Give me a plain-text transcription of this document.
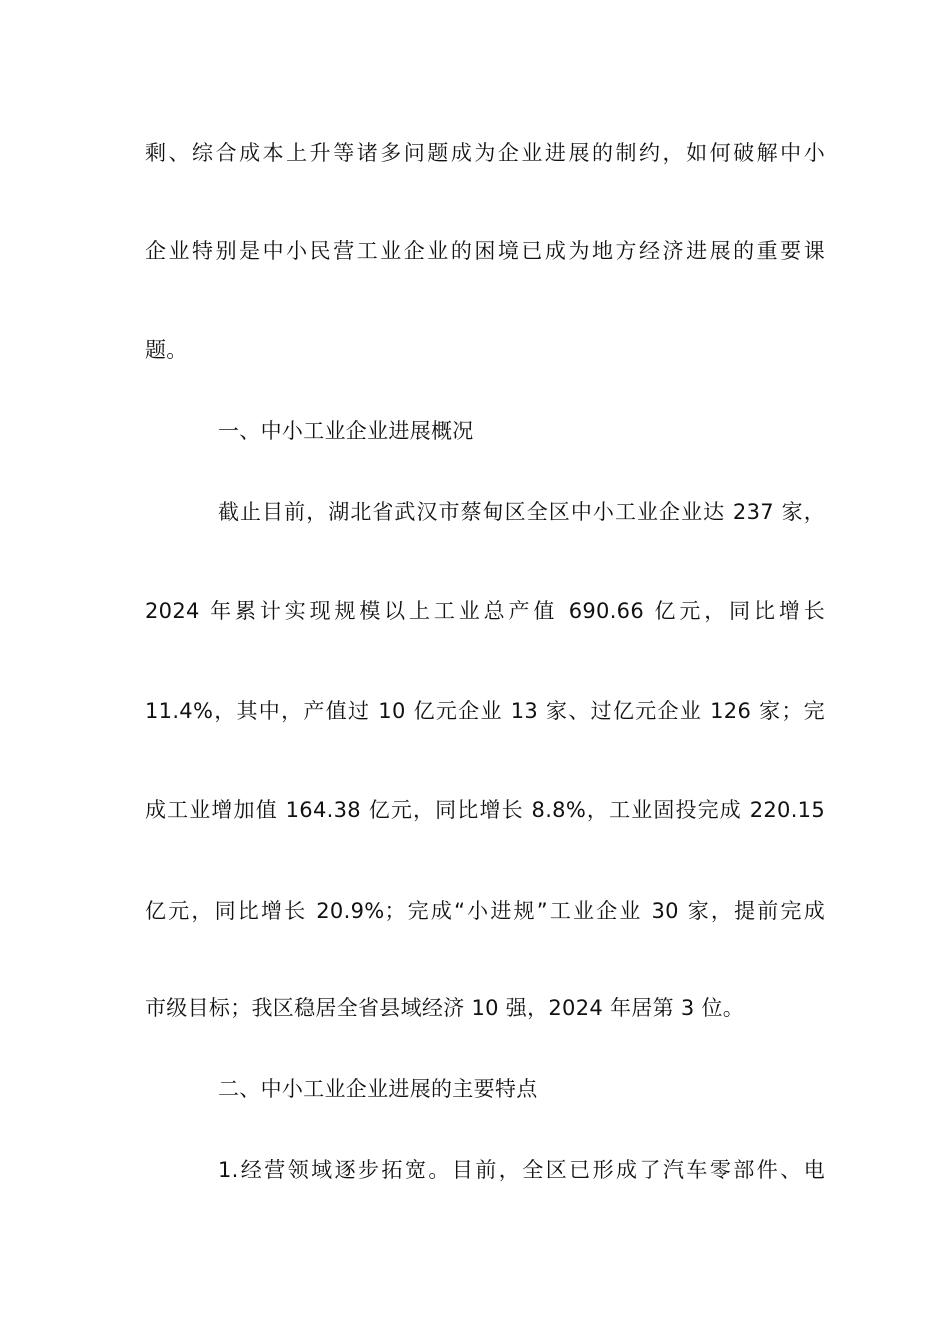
剩、综合成本上升等诸多问题成为企业进展的制约，如何破解中小
企业特别是中小民营工业企业的困境已成为地方经济进展的重要课
题。
一、中小工业企业进展概况
截止目前，湖北省武汉市蔡甸区全区中小工业企业达 237 家，
2024 年累计实现规模以上工业总产值 690.66 亿元，同比增长
11.4%，其中，产值过 10 亿元企业 13 家、过亿元企业 126 家；完
成工业增加值 164.38 亿元，同比增长 8.8%，工业固投完成 220.15
亿元，同比增长 20.9%；完成“小进规”工业企业 30 家，提前完成
市级目标；我区稳居全省县域经济 10 强，2024 年居第 3 位。
二、中小工业企业进展的主要特点
1.经营领域逐步拓宽。目前，全区已形成了汽车零部件、电
